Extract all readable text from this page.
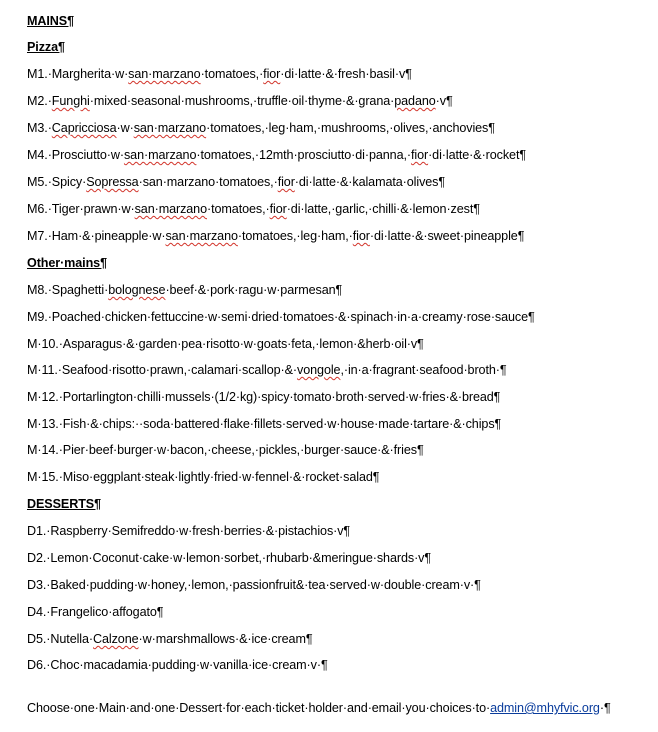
MAINS¶
Pizza¶
M1.·Margherita·w·san·marzano·tomatoes,·fior·di·latte·&·fresh·basil·v¶
M2.·Funghi·mixed·seasonal·mushrooms,·truffle·oil·thyme·&·grana·padano·v¶
M3.·Capricciosa·w·san·marzano·tomatoes,·leg·ham,·mushrooms,·olives,·anchovies¶
M4.·Prosciutto·w·san·marzano·tomatoes,·12mth·prosciutto·di·panna,·fior·di·latte·&·rocket¶
M5.·Spicy·Sopressa·san·marzano·tomatoes,·fior·di·latte·&·kalamata·olives¶
M6.·Tiger·prawn·w·san·marzano·tomatoes,·fior·di·latte,·garlic,·chilli·&·lemon·zest¶
M7.·Ham·&·pineapple·w·san·marzano·tomatoes,·leg·ham,·fior·di·latte·&·sweet·pineapple¶
Other·mains¶
M8.·Spaghetti·bolognese·beef·&·pork·ragu·w·parmesan¶
M9.·Poached·chicken·fettuccine·w·semi·dried·tomatoes·&·spinach·in·a·creamy·rose·sauce¶
M·10.·Asparagus·&·garden·pea·risotto·w·goats·feta,·lemon·&herb·oil·v¶
M·11.·Seafood·risotto·prawn,·calamari·scallop·&·vongole,·in·a·fragrant·seafood·broth·¶
M·12.·Portarlington·chilli·mussels·(1/2·kg)·spicy·tomato·broth·served·w·fries·&·bread¶
M·13.·Fish·&·chips:··soda·battered·flake·fillets·served·w·house·made·tartare·&·chips¶
M·14.·Pier·beef·burger·w·bacon,·cheese,·pickles,·burger·sauce·&·fries¶
M·15.·Miso·eggplant·steak·lightly·fried·w·fennel·&·rocket·salad¶
DESSERTS¶
D1.·Raspberry·Semifreddo·w·fresh·berries·&·pistachios·v¶
D2.·Lemon·Coconut·cake·w·lemon·sorbet,·rhubarb·&meringue·shards·v¶
D3.·Baked·pudding·w·honey,·lemon,·passionfruit&·tea·served·w·double·cream·v·¶
D4.·Frangelico·affogato¶
D5.·Nutella·Calzone·w·marshmallows·&·ice·cream¶
D6.·Choc·macadamia·pudding·w·vanilla·ice·cream·v·¶
Choose·one·Main·and·one·Dessert·for·each·ticket·holder·and·email·you·choices·to·admin@mhyfvic.org·¶
